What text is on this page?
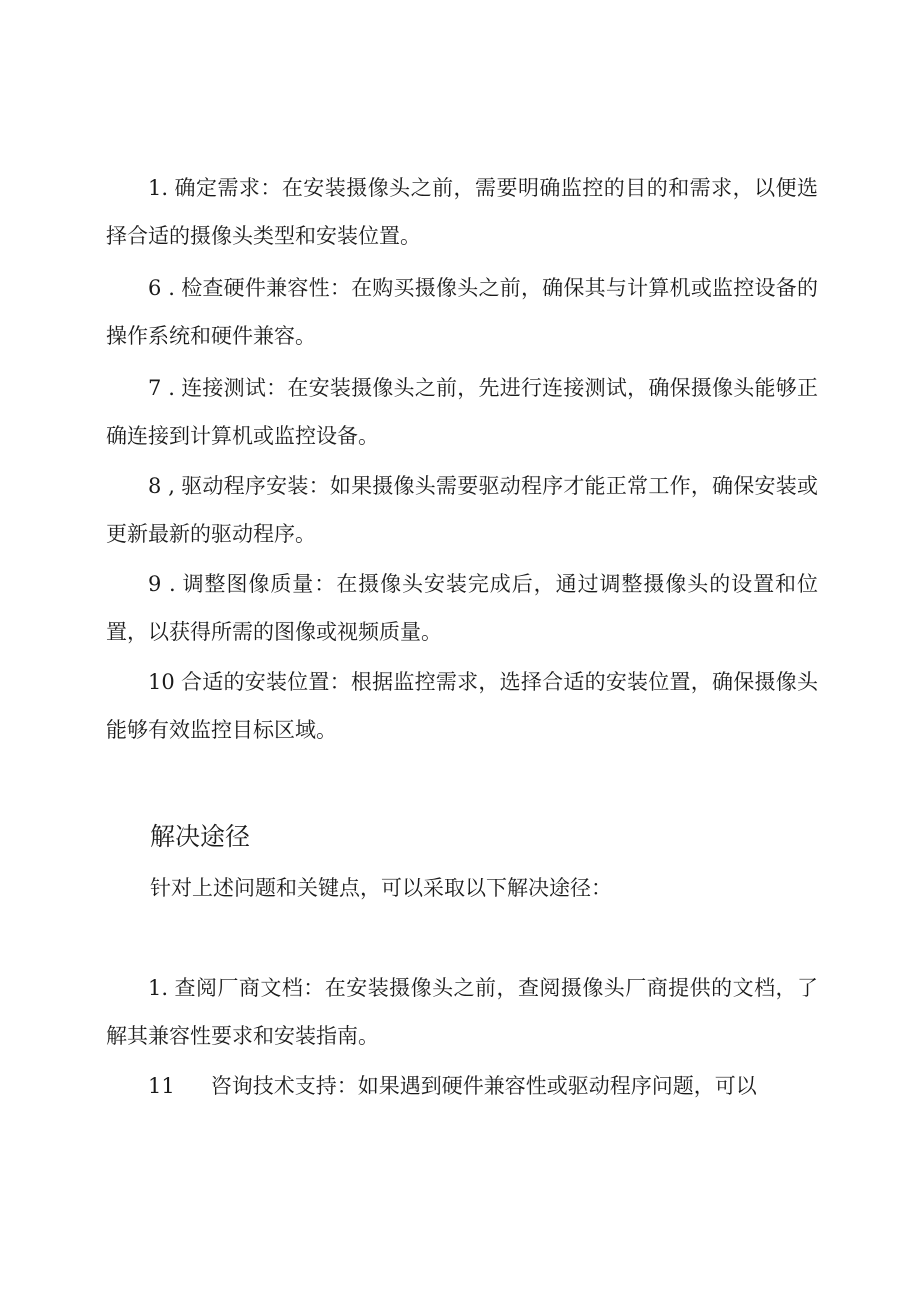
1. 确定需求：在安装摄像头之前，需要明确监控的目的和需求，以便选择合适的摄像头类型和安装位置。

6 . 检查硬件兼容性：在购买摄像头之前，确保其与计算机或监控设备的操作系统和硬件兼容。

7 . 连接测试：在安装摄像头之前，先进行连接测试，确保摄像头能够正确连接到计算机或监控设备。

8 , 驱动程序安装：如果摄像头需要驱动程序才能正常工作，确保安装或更新最新的驱动程序。

9 . 调整图像质量：在摄像头安装完成后，通过调整摄像头的设置和位置，以获得所需的图像或视频质量。

10 合适的安装位置：根据监控需求，选择合适的安装位置，确保摄像头能够有效监控目标区域。

解决途径

针对上述问题和关键点，可以采取以下解决途径：

1. 查阅厂商文档：在安装摄像头之前，查阅摄像头厂商提供的文档，了解其兼容性要求和安装指南。

11 咨询技术支持：如果遇到硬件兼容性或驱动程序问题，可以
